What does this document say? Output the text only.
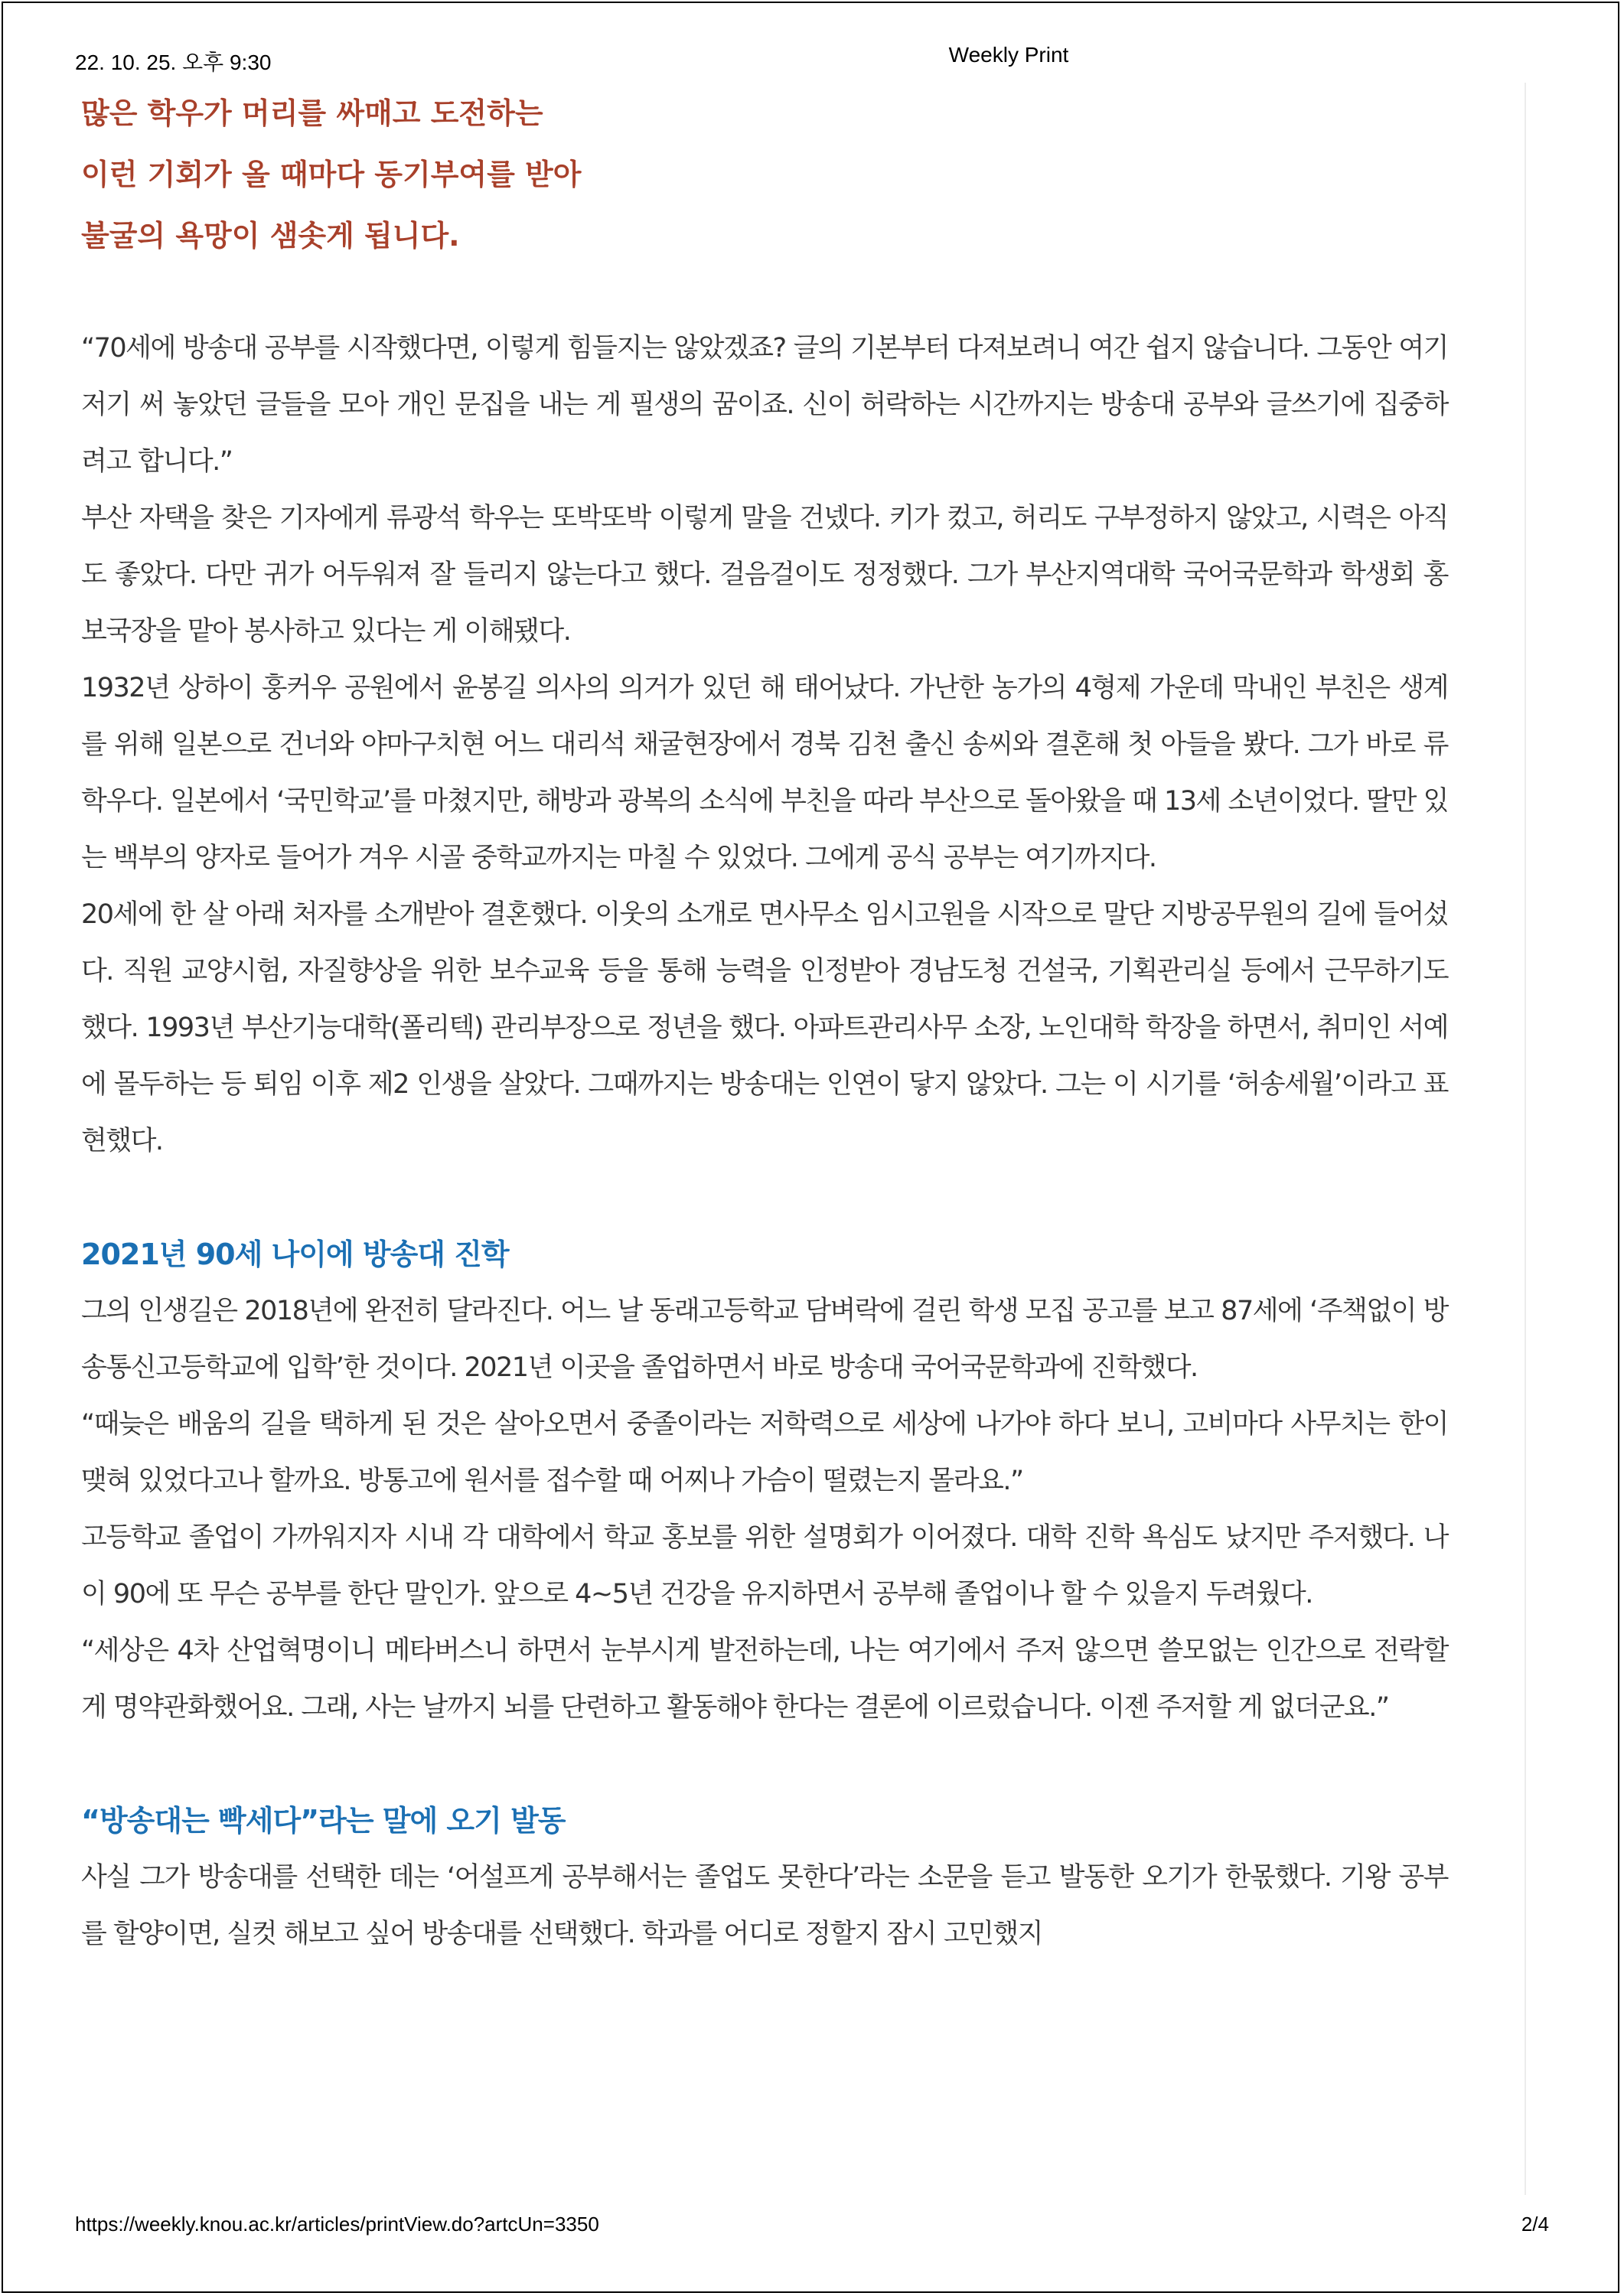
22. 10. 25. 오후 9:30	Weekly Print
많은 학우가 머리를 싸매고 도전하는
이런 기회가 올 때마다 동기부여를 받아
불굴의 욕망이 샘솟게 됩니다.

“70세에 방송대 공부를 시작했다면, 이렇게 힘들지는 않았겠죠? 글의 기본부터 다져보려니 여간 쉽지 않습니다. 그동안 여기저기 써 놓았던 글들을 모아 개인 문집을 내는 게 필생의 꿈이죠. 신이 허락하는 시간까지는 방송대 공부와 글쓰기에 집중하려고 합니다.”

부산 자택을 찾은 기자에게 류광석 학우는 또박또박 이렇게 말을 건넸다. 키가 컸고, 허리도 구부정하지 않았고, 시력은 아직도 좋았다. 다만 귀가 어두워져 잘 들리지 않는다고 했다. 걸음걸이도 정정했다. 그가 부산지역대학 국어국문학과 학생회 홍보국장을 맡아 봉사하고 있다는 게 이해됐다.

1932년 상하이 훙커우 공원에서 윤봉길 의사의 의거가 있던 해 태어났다. 가난한 농가의 4형제 가운데 막내인 부친은 생계를 위해 일본으로 건너와 야마구치현 어느 대리석 채굴현장에서 경북 김천 출신 송씨와 결혼해 첫 아들을 봤다. 그가 바로 류 학우다. 일본에서 ‘국민학교’를 마쳤지만, 해방과 광복의 소식에 부친을 따라 부산으로 돌아왔을 때 13세 소년이었다. 딸만 있는 백부의 양자로 들어가 겨우 시골 중학교까지는 마칠 수 있었다. 그에게 공식 공부는 여기까지다.

20세에 한 살 아래 처자를 소개받아 결혼했다. 이웃의 소개로 면사무소 임시고원을 시작으로 말단 지방공무원의 길에 들어섰다. 직원 교양시험, 자질향상을 위한 보수교육 등을 통해 능력을 인정받아 경남도청 건설국, 기획관리실 등에서 근무하기도 했다. 1993년 부산기능대학(폴리텍) 관리부장으로 정년을 했다. 아파트관리사무 소장, 노인대학 학장을 하면서, 취미인 서예에 몰두하는 등 퇴임 이후 제2 인생을 살았다. 그때까지는 방송대는 인연이 닿지 않았다. 그는 이 시기를 ‘허송세월’이라고 표현했다.

2021년 90세 나이에 방송대 진학

그의 인생길은 2018년에 완전히 달라진다. 어느 날 동래고등학교 담벼락에 걸린 학생 모집 공고를 보고 87세에 ‘주책없이 방송통신고등학교에 입학’한 것이다. 2021년 이곳을 졸업하면서 바로 방송대 국어국문학과에 진학했다.

“때늦은 배움의 길을 택하게 된 것은 살아오면서 중졸이라는 저학력으로 세상에 나가야 하다 보니, 고비마다 사무치는 한이 맺혀 있었다고나 할까요. 방통고에 원서를 접수할 때 어찌나 가슴이 떨렸는지 몰라요.”

고등학교 졸업이 가까워지자 시내 각 대학에서 학교 홍보를 위한 설명회가 이어졌다. 대학 진학 욕심도 났지만 주저했다. 나이 90에 또 무슨 공부를 한단 말인가. 앞으로 4~5년 건강을 유지하면서 공부해 졸업이나 할 수 있을지 두려웠다.

“세상은 4차 산업혁명이니 메타버스니 하면서 눈부시게 발전하는데, 나는 여기에서 주저 않으면 쓸모없는 인간으로 전락할 게 명약관화했어요. 그래, 사는 날까지 뇌를 단련하고 활동해야 한다는 결론에 이르렀습니다. 이젠 주저할 게 없더군요.”

“방송대는 빡세다”라는 말에 오기 발동

사실 그가 방송대를 선택한 데는 ‘어설프게 공부해서는 졸업도 못한다’라는 소문을 듣고 발동한 오기가 한몫했다. 기왕 공부를 할양이면, 실컷 해보고 싶어 방송대를 선택했다. 학과를 어디로 정할지 잠시 고민했지

https://weekly.knou.ac.kr/articles/printView.do?artcUn=3350	2/4
